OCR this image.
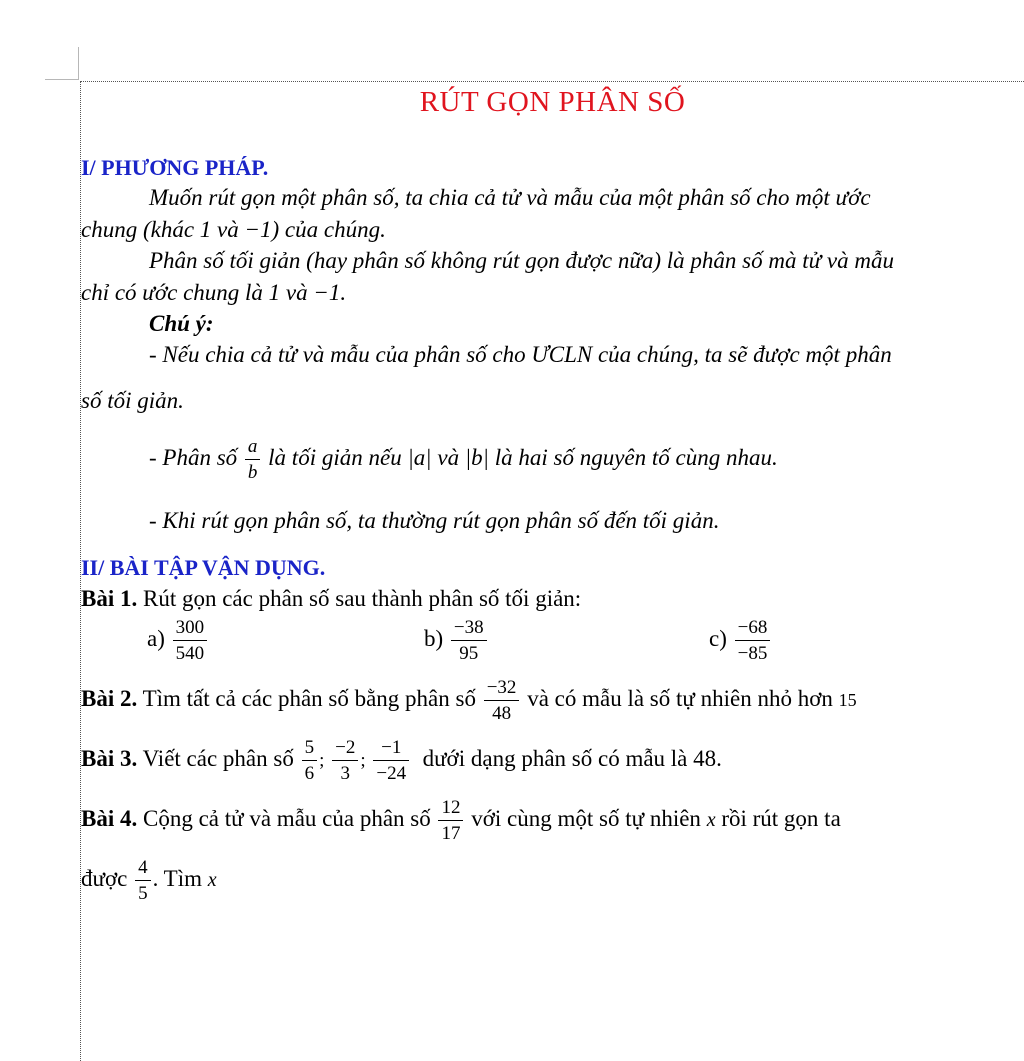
RÚT GỌN PHÂN SỐ
I/ PHƯƠNG PHÁP.
Muốn rút gọn một phân số, ta chia cả tử và mẫu của một phân số cho một ước
chung (khác 1 và −1) của chúng.
Phân số tối giản (hay phân số không rút gọn được nữa) là phân số mà tử và mẫu
chỉ có ước chung là 1 và −1.
Chú ý:
- Nếu chia cả tử và mẫu của phân số cho ƯCLN của chúng, ta sẽ được một phân
số tối giản.
- Phân số $\frac{a}{b}$ là tối giản nếu |a| và |b| là hai số nguyên tố cùng nhau.
- Khi rút gọn phân số, ta thường rút gọn phân số đến tối giản.
II/ BÀI TẬP VẬN DỤNG.
Bài 1. Rút gọn các phân số sau thành phân số tối giản:
$a) \frac{300}{540}$	$b) \frac{-38}{95}$	$c) \frac{-68}{-85}$
Bài 2. Tìm tất cả các phân số bằng phân số $\frac{-32}{48}$ và có mẫu là số tự nhiên nhỏ hơn 15
Bài 3. Viết các phân số $\frac{5}{6}$ ; $\frac{-2}{3}$ ; $\frac{-1}{-24}$ dưới dạng phân số có mẫu là 48.
Bài 4. Cộng cả tử và mẫu của phân số $\frac{12}{17}$ với cùng một số tự nhiên x rồi rút gọn ta
được $\frac{4}{5}$ . Tìm x
